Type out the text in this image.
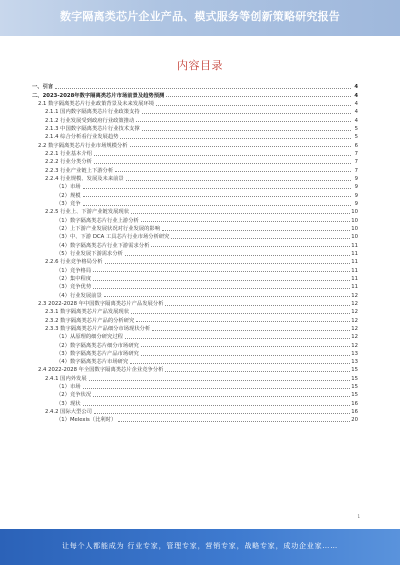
数字隔离类芯片企业产品、模式服务等创新策略研究报告
内容目录
一、引言	4
二、2023-2028年数字隔离类芯片市场前景及趋势预测	4
2.1 数字隔离类芯片行业政策背景及未来发展环境	4
2.1.1 国内数字隔离类芯片行业政策支持	4
2.1.2 行业发展受到政府行业政策推动	4
2.1.3 中国数字隔离类芯片行业技术支撑	5
2.1.4 综合分析看行业发展趋势	5
2.2 数字隔离类芯片行业市场规模分析	6
2.2.1 行业基本介绍	7
2.2.2 行业分类分析	7
2.2.3 行业产业链上下游分析	7
2.2.4 行业规模、发展及未来前景	9
（1）市场	9
（2）规模	9
（3）竞争	9
2.2.5 行业上、下游产业链发展现状	10
（1）数字隔离类芯片行业上游分析	10
（2）上下游产业发展状况对行业发展的影响	10
（3）中、下游 DCA 工具芯片行业市场分析研究	10
（4）数字隔离类芯片行业下游需求分析	11
（5）行业发展下游需求分析	11
2.2.6 行业竞争格局分析	11
（1）竞争格局	11
（2）集中程度	11
（3）竞争优势	11
（4）行业发展前景	12
2.3 2022-2028 年中国数字隔离类芯片产品发展分析	12
2.3.1 数字隔离类芯片产品发展现状	12
2.3.2 数字隔离类芯片产品的分析研究	12
2.3.3 数字隔离类芯片产品细分市场现状分析	12
（1）从原理的细分研究过程	12
（2）数字隔离类芯片细分市场研究	12
（3）数字隔离类芯片产品市场研究	13
（4）数字隔离类芯片市场研究	13
2.4 2022-2028 年全国数字隔离类芯片企业竞争分析	15
2.4.1 国内外发展	15
（1）市场	15
（2）竞争状况	15
（3）现状	16
2.4.2 国际大型公司	16
（1）Melexis（比利时）	20
1
让每个人都能成为 行业专家，管理专家，营销专家，战略专家，成功企业家……
